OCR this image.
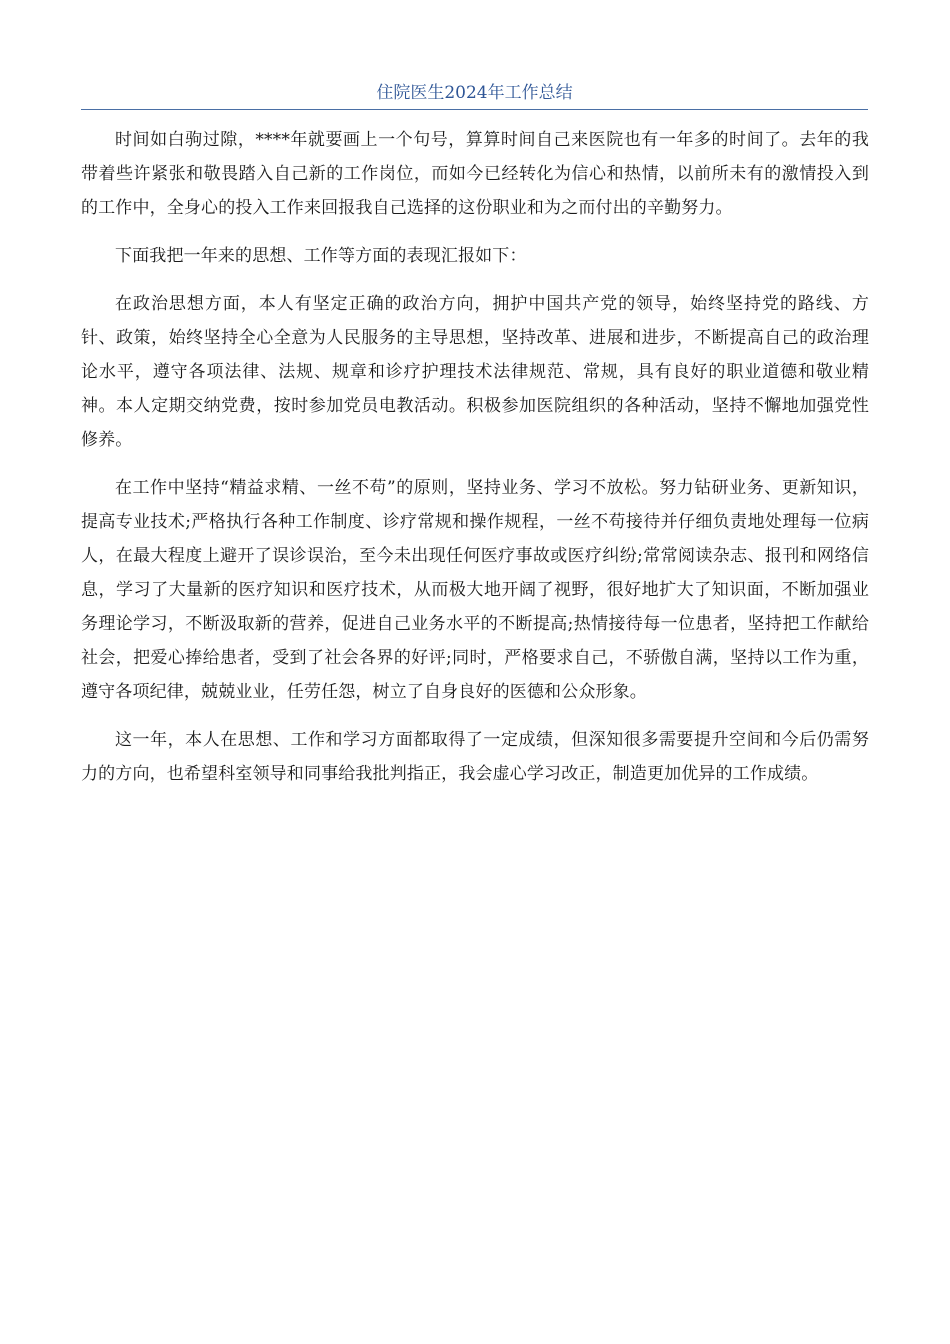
住院医生2024年工作总结

时间如白驹过隙，****年就要画上一个句号，算算时间自己来医院也有一年多的时间了。去年的我带着些许紧张和敬畏踏入自己新的工作岗位，而如今已经转化为信心和热情，以前所未有的激情投入到的工作中，全身心的投入工作来回报我自己选择的这份职业和为之而付出的辛勤努力。

下面我把一年来的思想、工作等方面的表现汇报如下：

在政治思想方面，本人有坚定正确的政治方向，拥护中国共产党的领导，始终坚持党的路线、方针、政策，始终坚持全心全意为人民服务的主导思想，坚持改革、进展和进步，不断提高自己的政治理论水平，遵守各项法律、法规、规章和诊疗护理技术法律规范、常规，具有良好的职业道德和敬业精神。本人定期交纳党费，按时参加党员电教活动。积极参加医院组织的各种活动，坚持不懈地加强党性修养。

在工作中坚持“精益求精、一丝不苟”的原则，坚持业务、学习不放松。努力钻研业务、更新知识，提高专业技术;严格执行各种工作制度、诊疗常规和操作规程，一丝不苟接待并仔细负责地处理每一位病人，在最大程度上避开了误诊误治，至今未出现任何医疗事故或医疗纠纷;常常阅读杂志、报刊和网络信息，学习了大量新的医疗知识和医疗技术，从而极大地开阔了视野，很好地扩大了知识面，不断加强业务理论学习，不断汲取新的营养，促进自己业务水平的不断提高;热情接待每一位患者，坚持把工作献给社会，把爱心捧给患者，受到了社会各界的好评;同时，严格要求自己，不骄傲自满，坚持以工作为重，遵守各项纪律，兢兢业业，任劳任怨，树立了自身良好的医德和公众形象。

这一年，本人在思想、工作和学习方面都取得了一定成绩，但深知很多需要提升空间和今后仍需努力的方向，也希望科室领导和同事给我批判指正，我会虚心学习改正，制造更加优异的工作成绩。
